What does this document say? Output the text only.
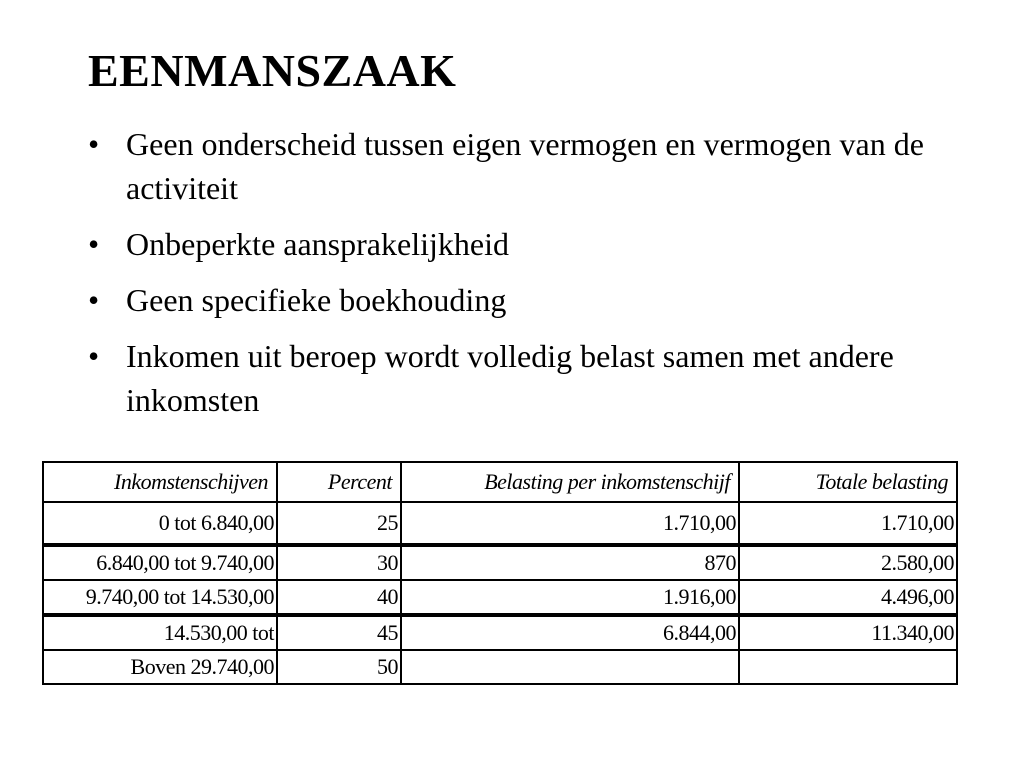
EENMANSZAAK
• Geen onderscheid tussen eigen vermogen en vermogen van de activiteit
• Onbeperkte aansprakelijkheid
• Geen specifieke boekhouding
• Inkomen uit beroep wordt volledig belast samen met andere inkomsten
Inkomstenschijven	Percent	Belasting per inkomstenschijf	Totale belasting
0 tot 6.840,00	25	1.710,00	1.710,00
6.840,00 tot 9.740,00	30	870	2.580,00
9.740,00 tot 14.530,00	40	1.916,00	4.496,00
14.530,00 tot	45	6.844,00	11.340,00
Boven 29.740,00	50		
